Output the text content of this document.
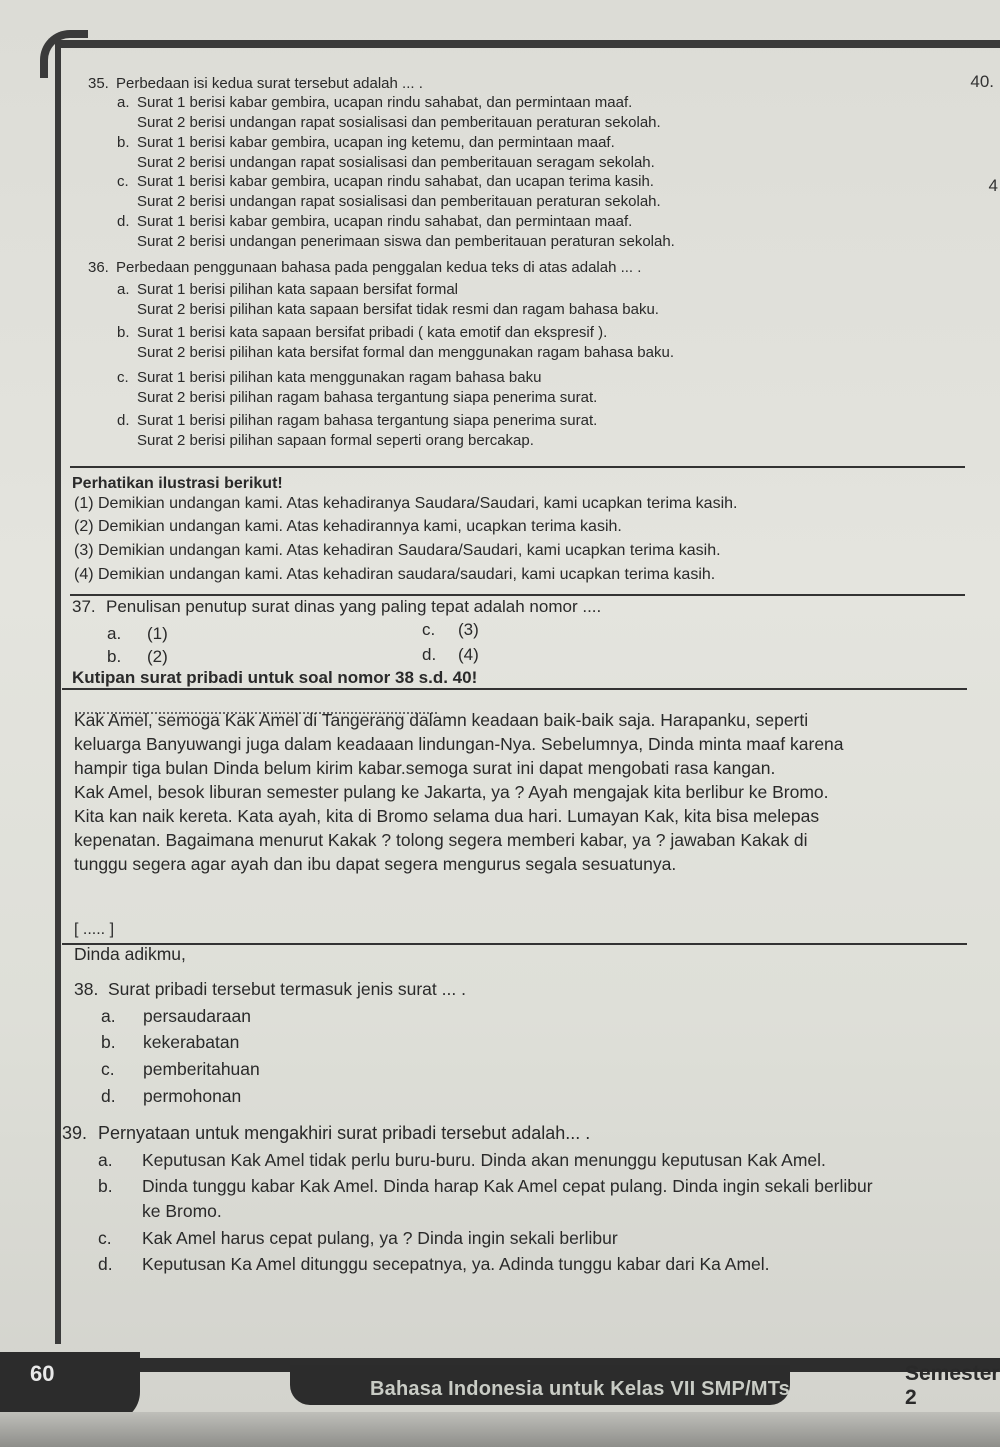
40.
4
35. Perbedaan isi kedua surat tersebut adalah ... .
a. Surat 1 berisi kabar gembira, ucapan rindu sahabat, dan permintaan maaf.
Surat 2 berisi undangan rapat sosialisasi dan pemberitauan peraturan sekolah.
b. Surat 1 berisi kabar gembira, ucapan ing ketemu, dan permintaan maaf.
Surat 2 berisi undangan rapat sosialisasi dan pemberitauan seragam sekolah.
c. Surat 1 berisi kabar gembira, ucapan rindu sahabat, dan ucapan terima kasih.
Surat 2 berisi undangan rapat sosialisasi dan pemberitauan peraturan sekolah.
d. Surat 1 berisi kabar gembira, ucapan rindu sahabat, dan permintaan maaf.
Surat 2 berisi undangan penerimaan siswa dan pemberitauan peraturan sekolah.
36. Perbedaan penggunaan bahasa pada penggalan kedua teks di atas adalah ... .
a. Surat 1 berisi pilihan kata sapaan bersifat formal
Surat 2 berisi pilihan kata sapaan bersifat tidak resmi dan ragam bahasa baku.
b. Surat 1 berisi kata sapaan bersifat pribadi ( kata emotif dan ekspresif ).
Surat 2 berisi pilihan kata bersifat formal dan menggunakan ragam bahasa baku.
c. Surat 1 berisi pilihan kata menggunakan ragam bahasa baku
Surat 2 berisi pilihan ragam bahasa tergantung siapa penerima surat.
d. Surat 1 berisi pilihan ragam bahasa tergantung siapa penerima surat.
Surat 2 berisi pilihan sapaan formal seperti orang bercakap.
Perhatikan ilustrasi berikut!
(1) Demikian undangan kami. Atas kehadiranya Saudara/Saudari, kami ucapkan terima kasih.
(2) Demikian undangan kami. Atas kehadirannya kami, ucapkan terima kasih.
(3) Demikian undangan kami. Atas kehadiran Saudara/Saudari, kami ucapkan terima kasih.
(4) Demikian undangan kami. Atas kehadiran saudara/saudari, kami ucapkan terima kasih.
37. Penulisan penutup surat dinas yang paling tepat adalah nomor ....
a. (1)
b. (2)
c. (3)
d. (4)
Kutipan surat pribadi untuk soal nomor 38 s.d. 40!
Kak Amel, semoga Kak Amel di Tangerang dalamn keadaan baik-baik saja. Harapanku, seperti
keluarga Banyuwangi juga dalam keadaaan lindungan-Nya. Sebelumnya, Dinda minta maaf karena
hampir tiga bulan Dinda belum kirim kabar.semoga surat ini dapat mengobati rasa kangan.
Kak Amel, besok liburan semester pulang ke Jakarta, ya ? Ayah mengajak kita berlibur ke Bromo.
Kita kan naik kereta. Kata ayah, kita di Bromo selama dua hari. Lumayan Kak, kita bisa melepas
kepenatan. Bagaimana menurut Kakak ? tolong segera memberi kabar, ya ? jawaban Kakak di
tunggu segera agar ayah dan ibu dapat segera mengurus segala sesuatunya.
[ ..... ]
Dinda adikmu,
38. Surat pribadi tersebut termasuk jenis surat ... .
a. persaudaraan
b. kekerabatan
c. pemberitahuan
d. permohonan
39. Pernyataan untuk mengakhiri surat pribadi tersebut adalah... .
a. Keputusan Kak Amel tidak perlu buru-buru. Dinda akan menunggu keputusan Kak Amel.
b. Dinda tunggu kabar Kak Amel. Dinda harap Kak Amel cepat pulang. Dinda ingin sekali berlibur
ke Bromo.
c. Kak Amel harus cepat pulang, ya ? Dinda ingin sekali berlibur
d. Keputusan Ka Amel ditunggu secepatnya, ya. Adinda tunggu kabar dari Ka Amel.
60
Bahasa Indonesia untuk Kelas VII SMP/MTs
Semester 2
